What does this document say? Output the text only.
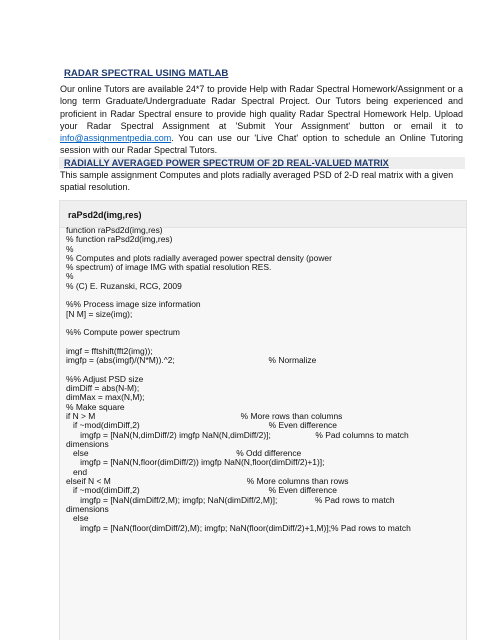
RADAR SPECTRAL USING MATLAB

Our online Tutors are available 24*7 to provide Help with Radar Spectral Homework/Assignment or a long term Graduate/Undergraduate Radar Spectral Project. Our Tutors being experienced and proficient in Radar Spectral ensure to provide high quality Radar Spectral Homework Help. Upload your Radar Spectral Assignment at 'Submit Your Assignment' button or email it to info@assignmentpedia.com. You can use our 'Live Chat' option to schedule an Online Tutoring session with our Radar Spectral Tutors.

RADIALLY AVERAGED POWER SPECTRUM OF 2D REAL-VALUED MATRIX
This sample assignment Computes and plots radially averaged PSD of 2-D real matrix with a given spatial resolution.
raPsd2d(img,res)
function raPsd2d(img,res)
% function raPsd2d(img,res)
%
% Computes and plots radially averaged power spectral density (power
% spectrum) of image IMG with spatial resolution RES.
%
% (C) E. Ruzanski, RCG, 2009

%% Process image size information
[N M] = size(img);

%% Compute power spectrum

imgf = fftshift(fft2(img));
imgfp = (abs(imgf)/(N*M)).^2;                                        % Normalize

%% Adjust PSD size
dimDiff = abs(N-M);
dimMax = max(N,M);
% Make square
if N > M                                                              % More rows than columns
if ~mod(dimDiff,2)                                                       % Even difference
imgfp = [NaN(N,dimDiff/2) imgfp NaN(N,dimDiff/2)];                   % Pad columns to match
dimensions
else                                                               % Odd difference
imgfp = [NaN(N,floor(dimDiff/2)) imgfp NaN(N,floor(dimDiff/2)+1)];
end
elseif N < M                                                          % More columns than rows
if ~mod(dimDiff,2)                                                       % Even difference
imgfp = [NaN(dimDiff/2,M); imgfp; NaN(dimDiff/2,M)];                % Pad rows to match
dimensions
else
imgfp = [NaN(floor(dimDiff/2),M); imgfp; NaN(floor(dimDiff/2)+1,M)];% Pad rows to match
